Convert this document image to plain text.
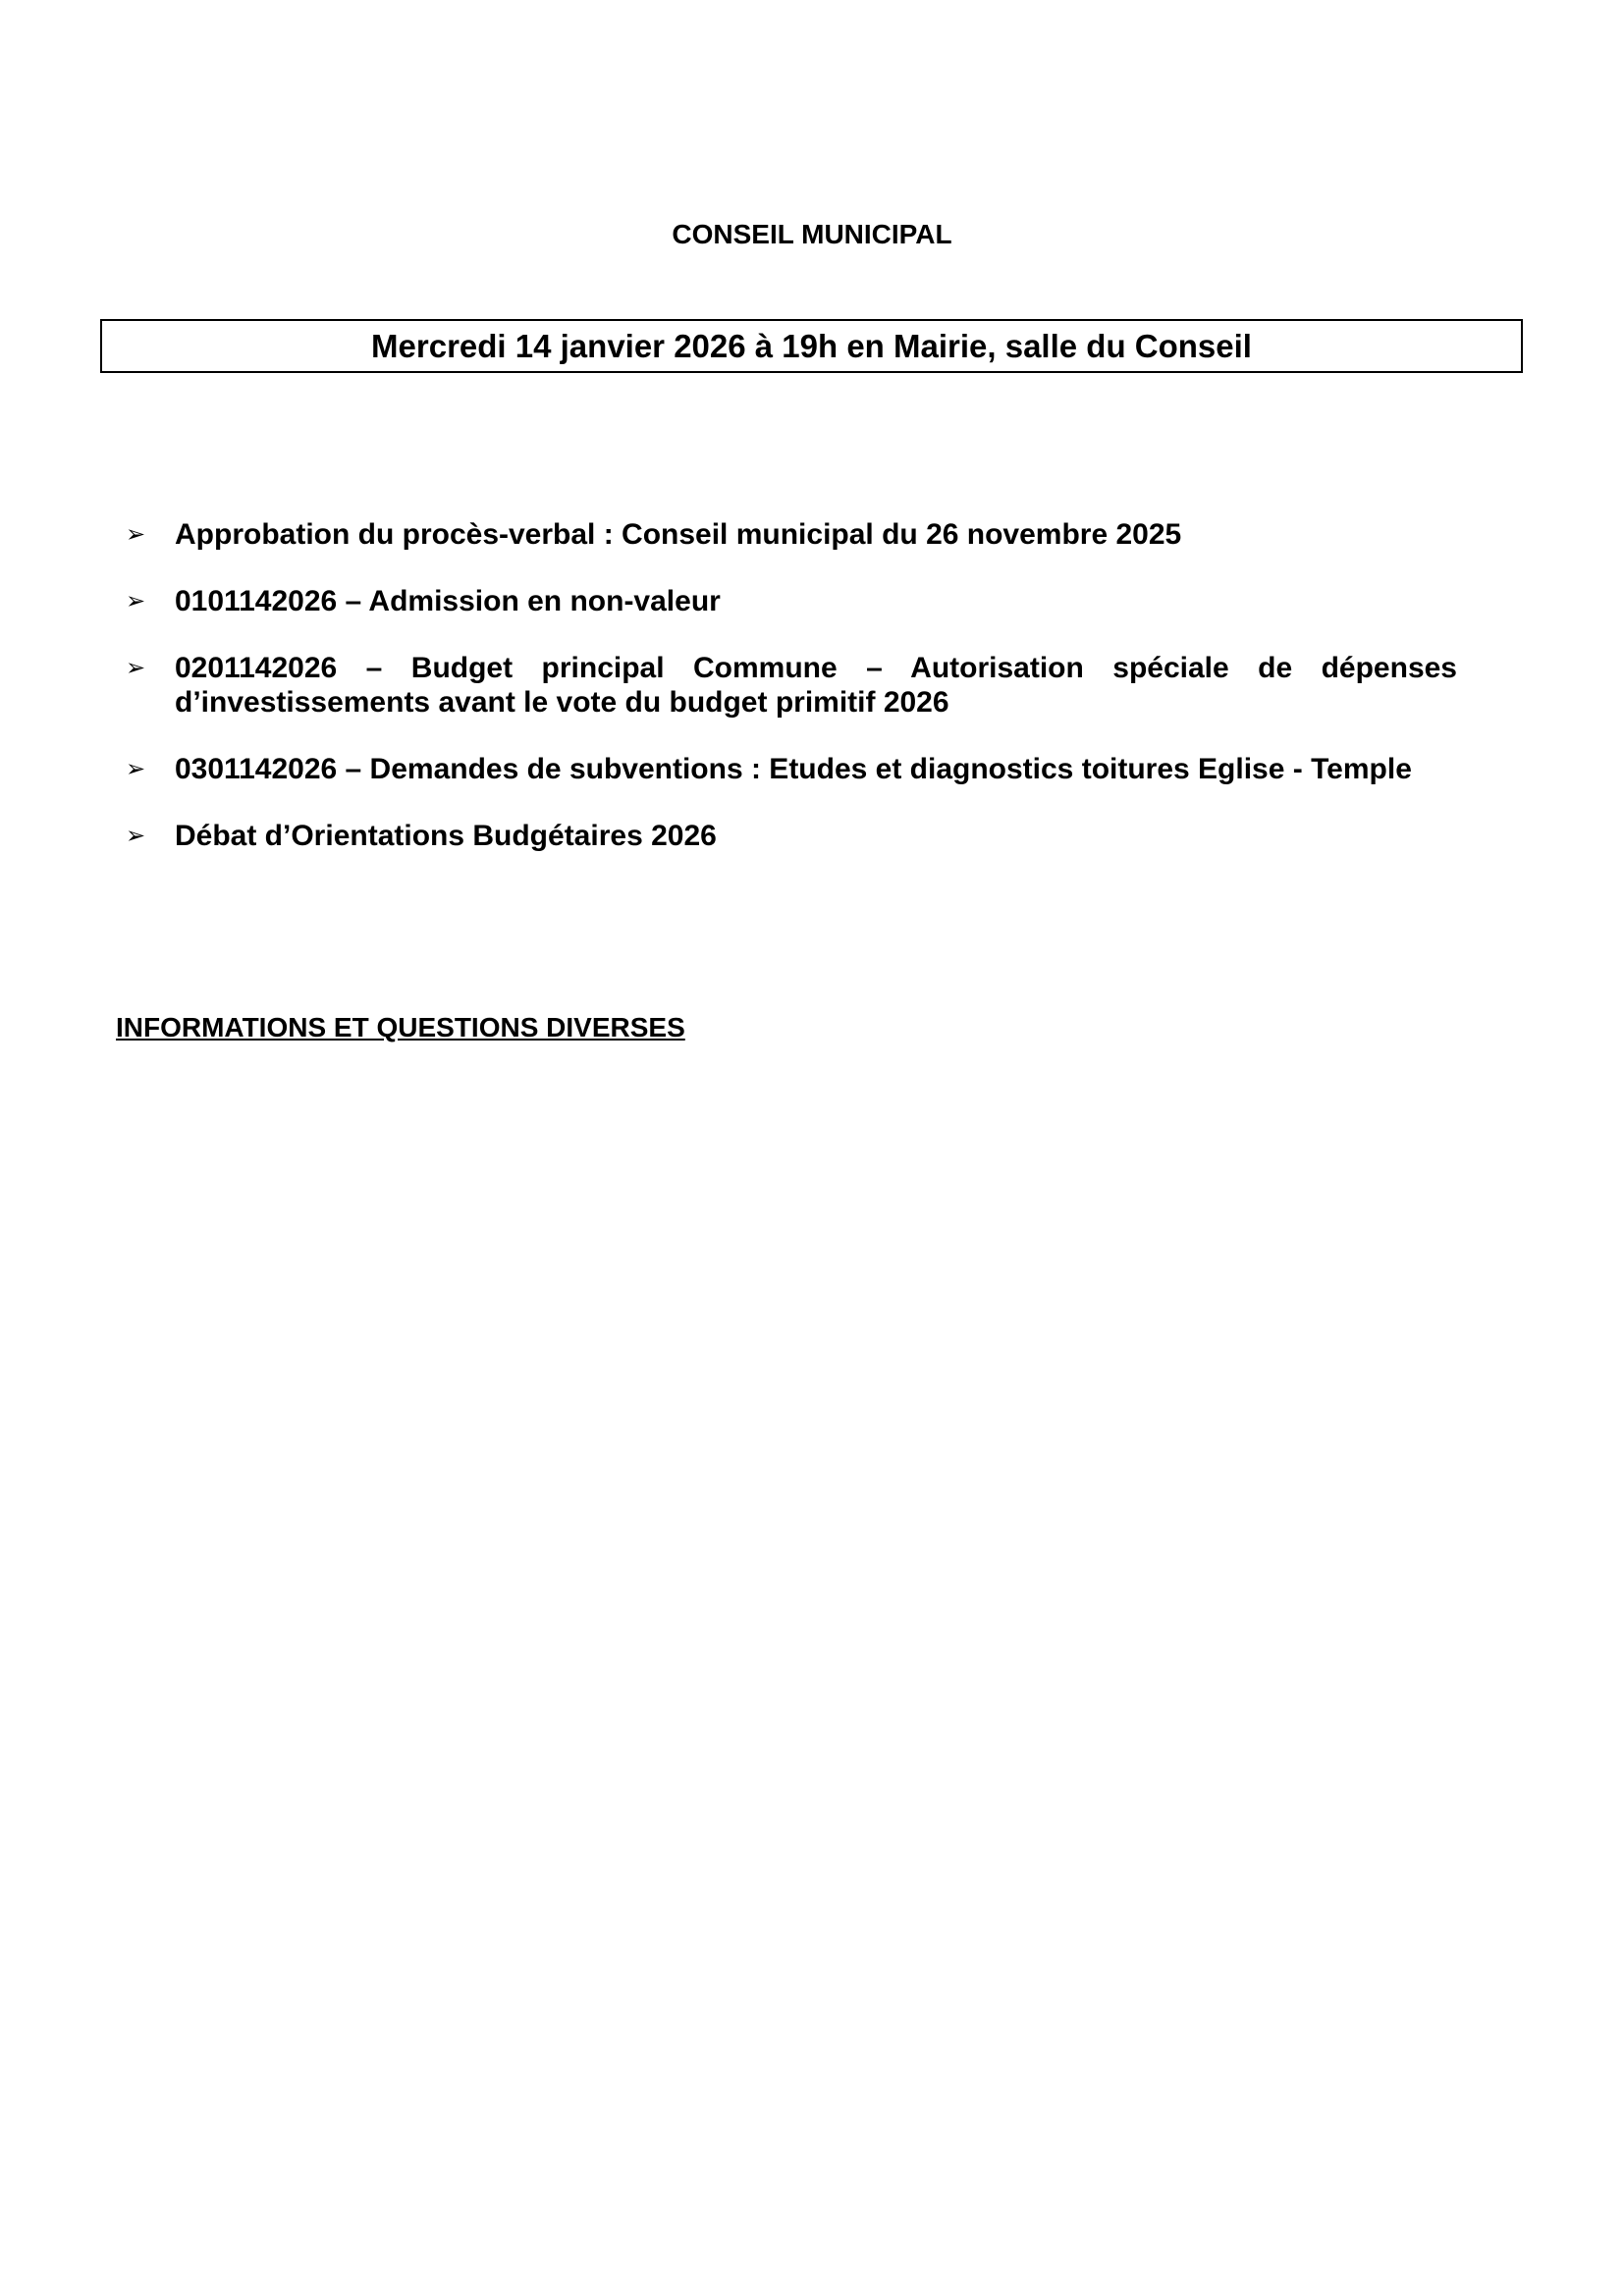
CONSEIL MUNICIPAL
Mercredi 14 janvier 2026 à 19h en Mairie, salle du Conseil
➢ Approbation du procès-verbal : Conseil municipal du 26 novembre 2025
➢ 0101142026 – Admission en non-valeur
➢ 0201142026 – Budget principal Commune – Autorisation spéciale de dépenses d’investissements avant le vote du budget primitif 2026
➢ 0301142026 – Demandes de subventions : Etudes et diagnostics toitures Eglise - Temple
➢ Débat d’Orientations Budgétaires 2026
INFORMATIONS ET QUESTIONS DIVERSES
